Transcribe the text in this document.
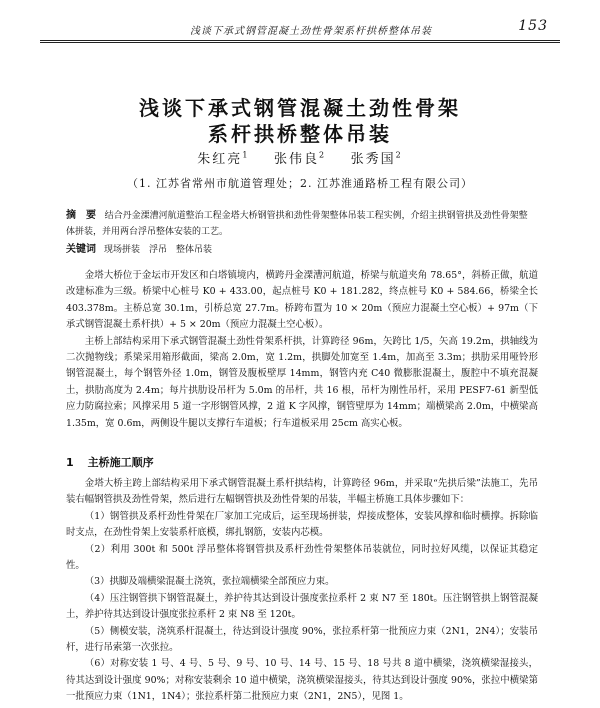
浅谈下承式钢管混凝土劲性骨架系杆拱桥整体吊装	153
浅谈下承式钢管混凝土劲性骨架
系杆拱桥整体吊装
朱红亮$^1$ 张伟良$^2$ 张秀国$^2$
（1. 江苏省常州市航道管理处；2. 江苏淮通路桥工程有限公司）
摘　要 结合丹金溧漕河航道整治工程金塔大桥钢管拱和劲性骨架整体吊装工程实例，介绍主拱钢管拱及劲性骨架整体拼装，并用两台浮吊整体安装的工艺。
关键词 现场拼装　浮吊　整体吊装

金塔大桥位于金坛市开发区和白塔镇境内，横跨丹金溧漕河航道，桥梁与航道夹角 78.65°，斜桥正做，航道改建标准为三级。桥梁中心桩号 K0 + 433.00，起点桩号 K0 + 181.282，终点桩号 K0 + 584.66，桥梁全长 403.378m。主桥总宽 30.1m，引桥总宽 27.7m。桥跨布置为 10 × 20m（预应力混凝土空心板）+ 97m（下承式钢管混凝土系杆拱）+ 5 × 20m（预应力混凝土空心板）。

主桥上部结构采用下承式钢管混凝土劲性骨架系杆拱，计算跨径 96m，矢跨比 1/5，矢高 19.2m，拱轴线为二次抛物线；系梁采用箱形截面，梁高 2.0m，宽 1.2m，拱脚处加宽至 1.4m，加高至 3.3m；拱肋采用哑铃形钢管混凝土，每个钢管外径 1.0m，钢管及腹板壁厚 14mm，钢管内充 C40 微膨胀混凝土，腹腔中不填充混凝土，拱肋高度为 2.4m；每片拱肋设吊杆为 5.0m 的吊杆，共 16 根，吊杆为刚性吊杆，采用 PESF7-61 新型低应力防腐拉索；风撑采用 5 道一字形钢管风撑，2 道 K 字风撑，钢管壁厚为 14mm；端横梁高 2.0m，中横梁高 1.35m，宽 0.6m，两侧设牛腿以支撑行车道板；行车道板采用 25cm 高实心板。

1 主桥施工顺序

金塔大桥主跨上部结构采用下承式钢管混凝土系杆拱结构，计算跨径 96m，并采取“先拱后梁”法施工，先吊装右幅钢管拱及劲性骨架，然后进行左幅钢管拱及劲性骨架的吊装，半幅主桥施工具体步骤如下：

（1）钢管拱及系杆劲性骨架在厂家加工完成后，运至现场拼装，焊接成整体，安装风撑和临时横撑。拆除临时支点，在劲性骨架上安装系杆底模，绑扎钢筋，安装内芯模。

（2）利用 300t 和 500t 浮吊整体将钢管拱及系杆劲性骨架整体吊装就位，同时拉好风缆，以保证其稳定性。

（3）拱脚及端横梁混凝土浇筑，张拉端横梁全部预应力束。

（4）压注钢管拱下钢管混凝土，养护待其达到设计强度张拉系杆 2 束 N7 至 180t。压注钢管拱上钢管混凝土，养护待其达到设计强度张拉系杆 2 束 N8 至 120t。

（5）侧模安装，浇筑系杆混凝土，待达到设计强度 90%，张拉系杆第一批预应力束（2N1，2N4）；安装吊杆，进行吊索第一次张拉。

（6）对称安装 1 号、4 号、5 号、9 号、10 号、14 号、15 号、18 号共 8 道中横梁，浇筑横梁湿接头，待其达到设计强度 90%；对称安装剩余 10 道中横梁，浇筑横梁湿接头，待其达到设计强度 90%，张拉中横梁第一批预应力束（1N1，1N4）；张拉系杆第二批预应力束（2N1，2N5），见图 1。
